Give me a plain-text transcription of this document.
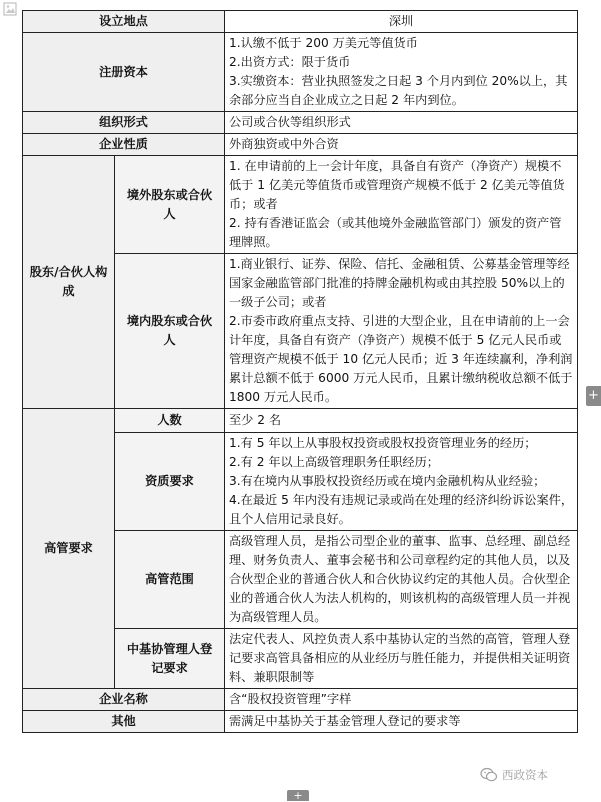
设立地点		深圳
注册资本		1.认缴不低于 200 万美元等值货币
2.出资方式：限于货币
3.实缴资本：营业执照签发之日起 3 个月内到位 20%以上，其余部分应当自企业成立之日起 2 年内到位。

组织形式		公司或合伙等组织形式
企业性质		外商独资或中外合资
股东/合伙人构成	境外股东或合伙人	1. 在申请前的上一会计年度，具备自有资产（净资产）规模不低于 1 亿美元等值货币或管理资产规模不低于 2 亿美元等值货币；或者
2. 持有香港证监会（或其他境外金融监管部门）颁发的资产管理牌照。

	境内股东或合伙人	1.商业银行、证券、保险、信托、金融租赁、公募基金管理等经国家金融监管部门批准的持牌金融机构或由其控股 50%以上的一级子公司；或者
2.市委市政府重点支持、引进的大型企业，且在申请前的上一会计年度，具备自有资产（净资产）规模不低于 5 亿元人民币或管理资产规模不低于 10 亿元人民币；近 3 年连续赢利，净利润累计总额不低于 6000 万元人民币，且累计缴纳税收总额不低于 1800 万元人民币。

高管要求	人数	至少 2 名
	资质要求	1.有 5 年以上从事股权投资或股权投资管理业务的经历；
2.有 2 年以上高级管理职务任职经历；
3.有在境内从事股权投资经历或在境内金融机构从业经验；
4.在最近 5 年内没有违规记录或尚在处理的经济纠纷诉讼案件，且个人信用记录良好。

	高管范围	高级管理人员，是指公司型企业的董事、监事、总经理、副总经理、财务负责人、董事会秘书和公司章程约定的其他人员，以及合伙型企业的普通合伙人和合伙协议约定的其他人员。合伙型企业的普通合伙人为法人机构的，则该机构的高级管理人员一并视为高级管理人员。
	中基协管理人登记要求	法定代表人、风控负责人系中基协认定的当然的高管，管理人登记要求高管具备相应的从业经历与胜任能力，并提供相关证明资料、兼职限制等
企业名称		含“股权投资管理”字样
其他		需满足中基协关于基金管理人登记的要求等
西政资本
+
+
